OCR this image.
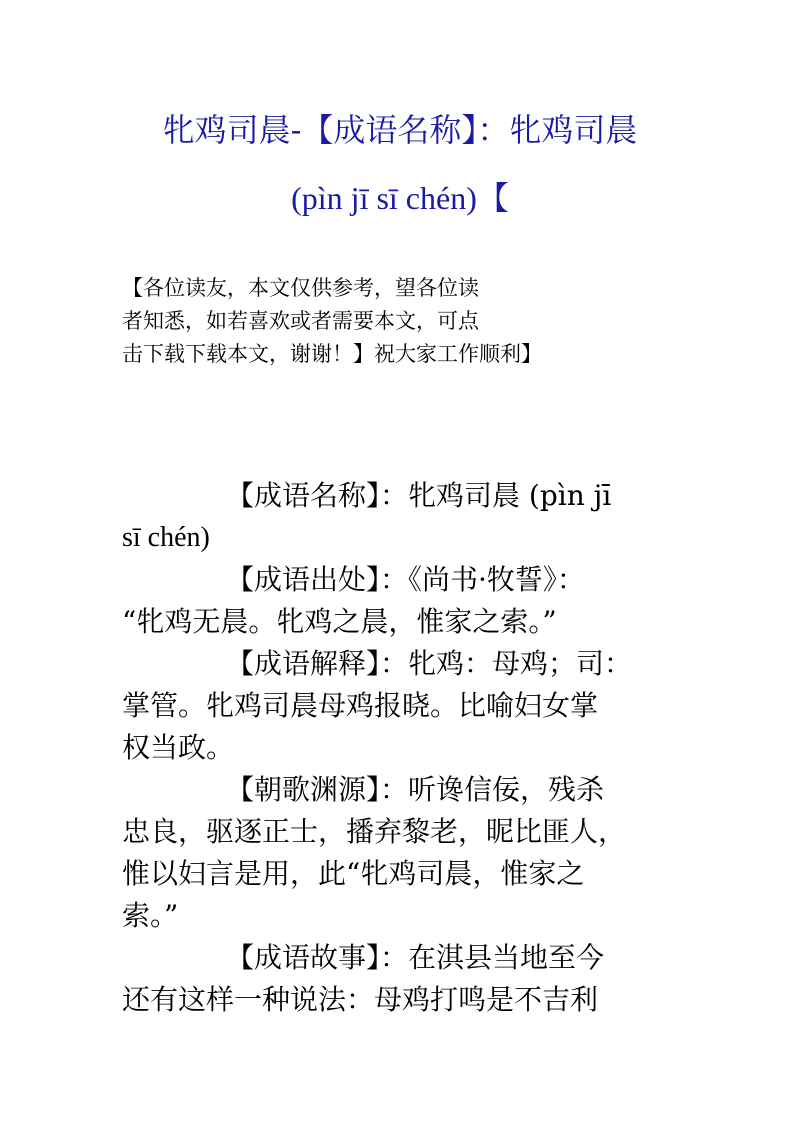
牝鸡司晨-【成语名称】：牝鸡司晨
(pìn jī sī chén)【
【各位读友，本文仅供参考，望各位读
者知悉，如若喜欢或者需要本文，可点
击下载下载本文，谢谢！】祝大家工作顺利】
【成语名称】：牝鸡司晨 (pìn jī
sī chén)
【成语出处】：《尚书·牧誓》：
“牝鸡无晨。牝鸡之晨，惟家之索。”
【成语解释】：牝鸡：母鸡；司：
掌管。牝鸡司晨母鸡报晓。比喻妇女掌
权当政。
【朝歌渊源】：听谗信佞，残杀
忠良，驱逐正士，播弃黎老，昵比匪人，
惟以妇言是用，此“牝鸡司晨，惟家之
索。”
【成语故事】：在淇县当地至今
还有这样一种说法：母鸡打鸣是不吉利
